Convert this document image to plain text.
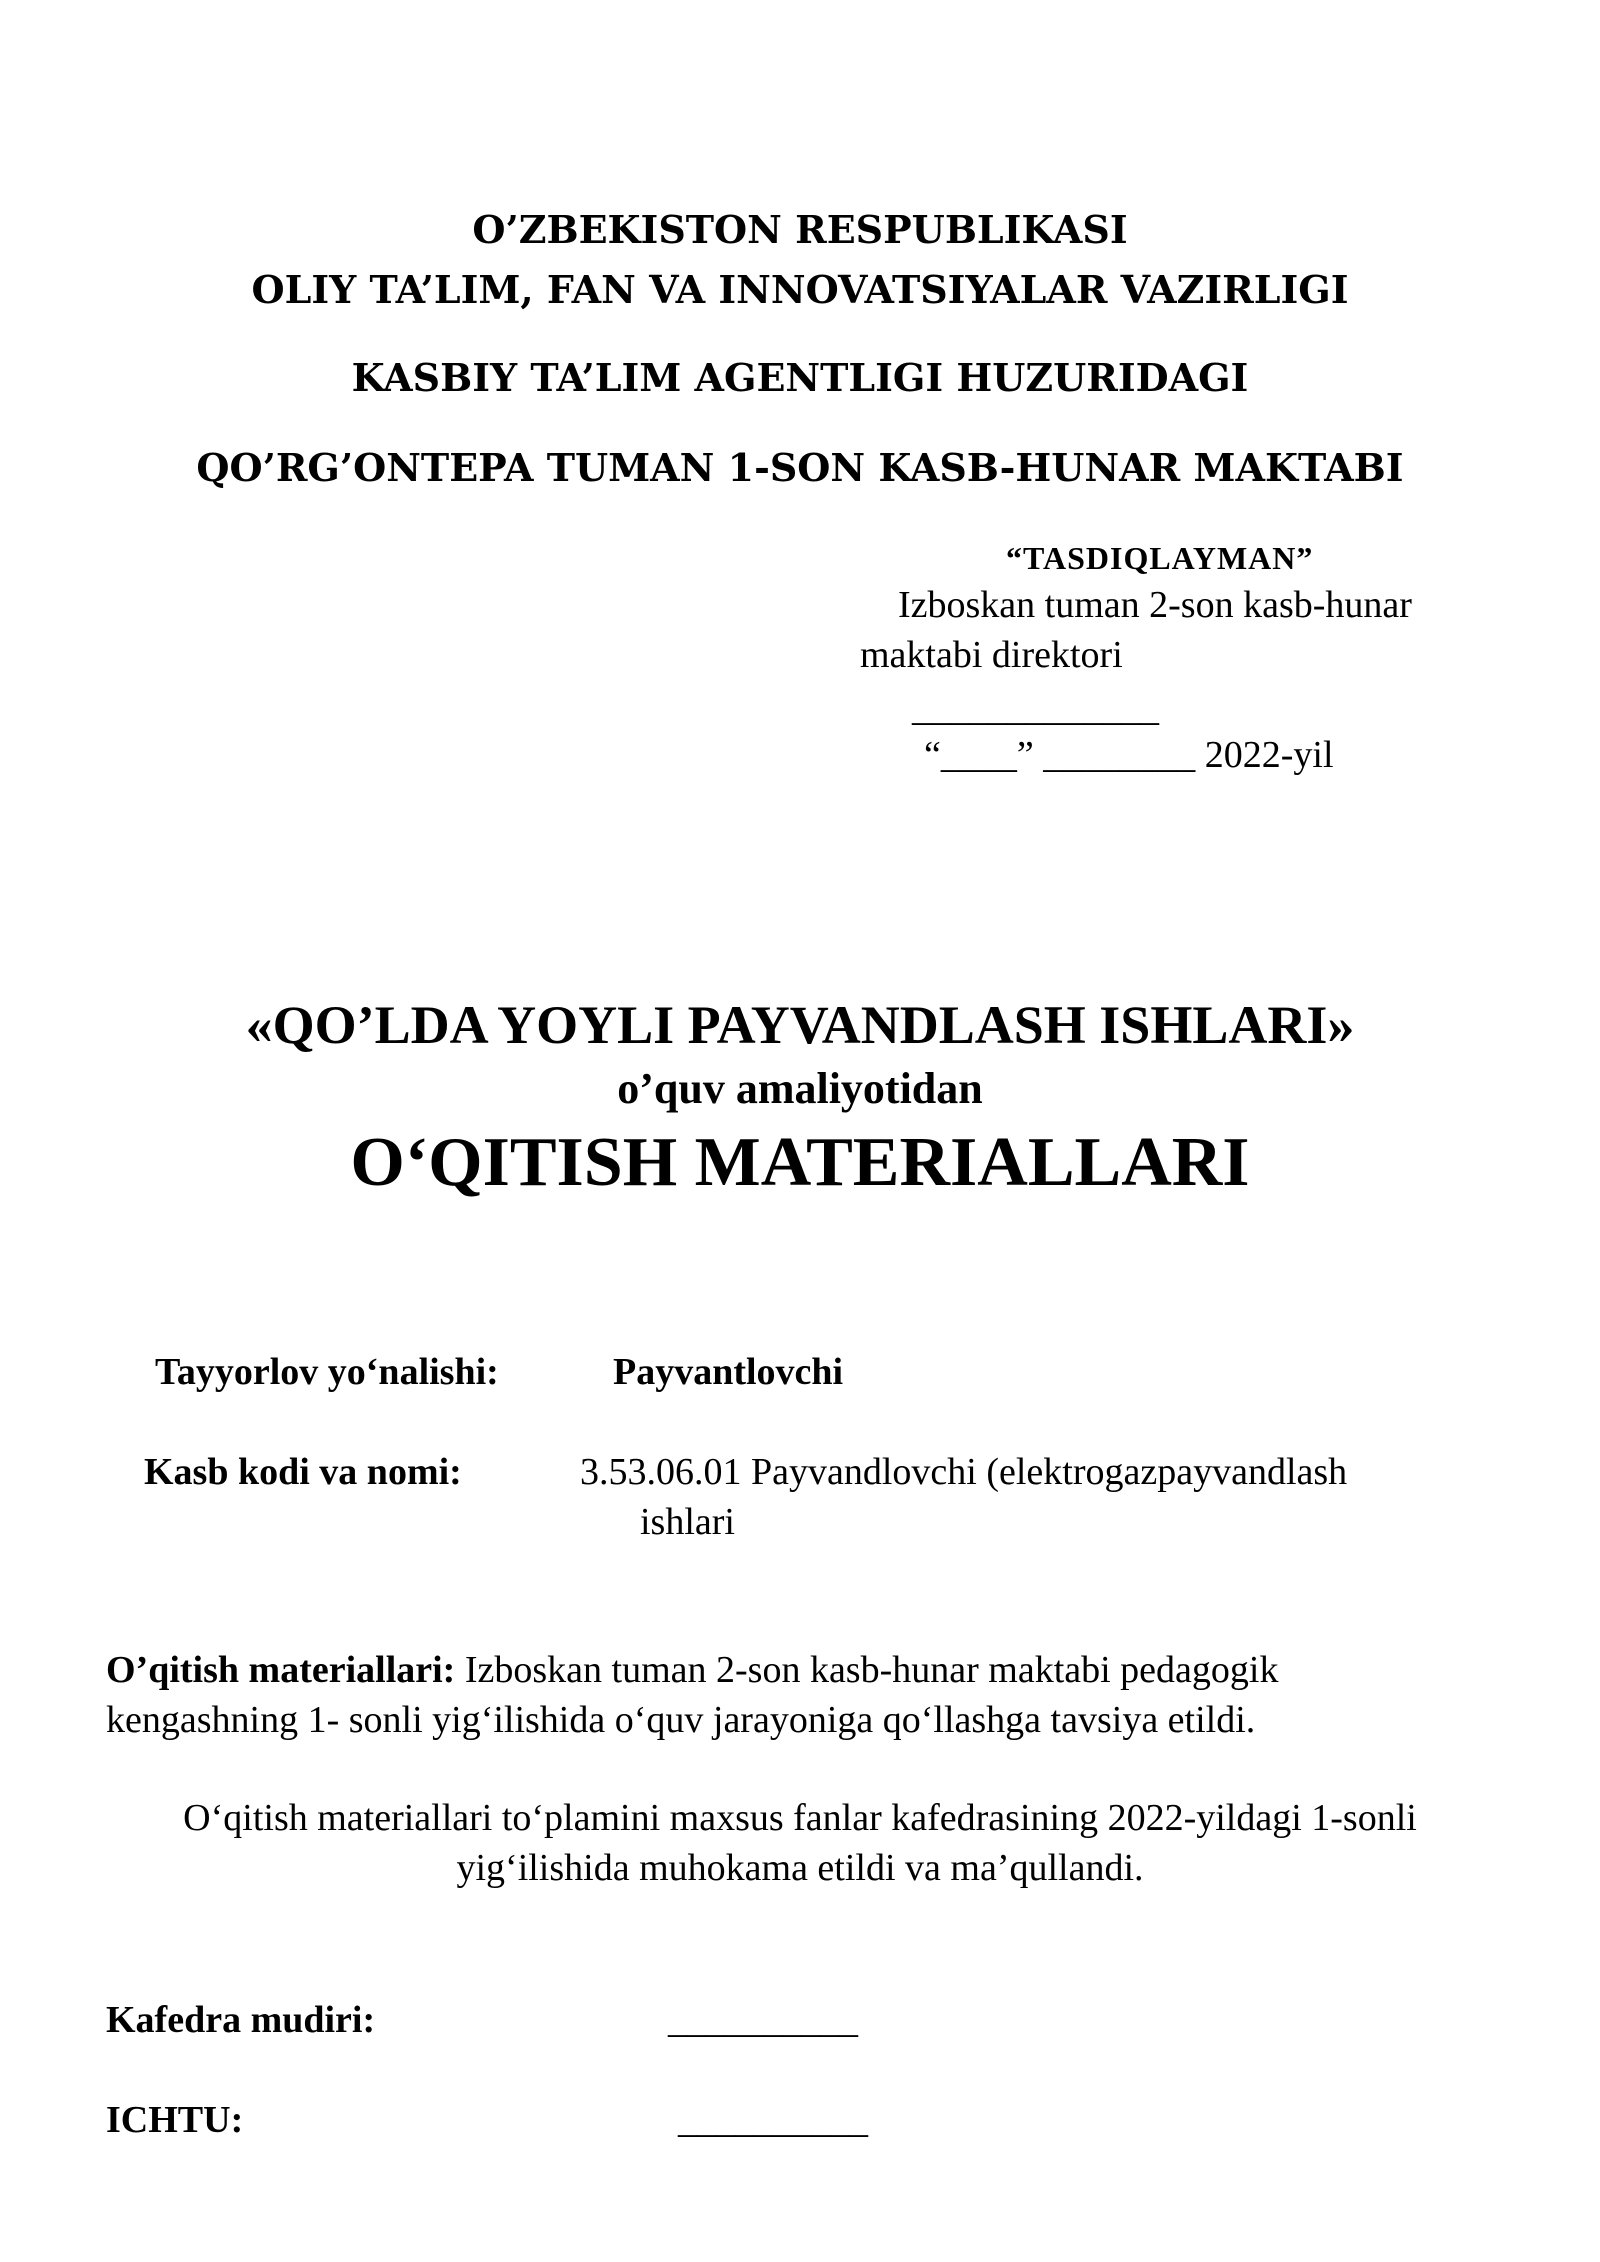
O’ZBEKISTON RESPUBLIKASI
OLIY TA’LIM, FAN VA INNOVATSIYALAR VAZIRLIGI
KASBIY TA’LIM AGENTLIGI HUZURIDAGI
QO’RG’ONTEPA TUMAN 1-SON KASB-HUNAR MAKTABI
“TASDIQLAYMAN”
Izboskan tuman 2-son kasb-hunar
maktabi direktori
_____________
“____” ________ 2022-yil
«QO’LDA YOYLI PAYVANDLASH ISHLARI»
o’quv amaliyotidan
O‘QITISH MATERIALLARI
Tayyorlov yo‘nalishi:	Payvantlovchi
Kasb kodi va nomi:	3.53.06.01 Payvandlovchi (elektrogazpayvandlash
ishlari
O’qitish materiallari: Izboskan tuman 2-son kasb-hunar maktabi pedagogik
kengashning 1- sonli yig‘ilishida o‘quv jarayoniga qo‘llashga tavsiya etildi.
O‘qitish materiallari to‘plamini maxsus fanlar kafedrasining 2022-yildagi 1-sonli
yig‘ilishida muhokama etildi va ma’qullandi.
Kafedra mudiri:	__________
ICHTU:	__________
